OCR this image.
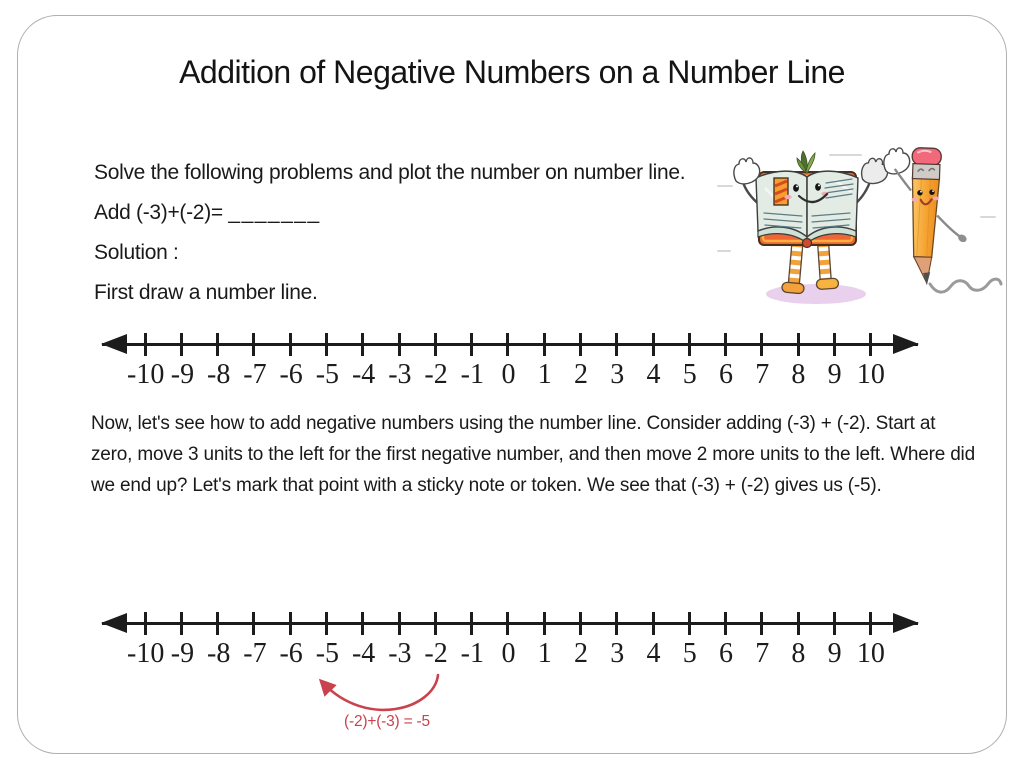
Addition of Negative Numbers on a Number Line

Solve the following problems and plot the number on number line.

Add (-3)+(-2)= _______

Solution :

First draw a number line.

-10 -9 -8 -7 -6 -5 -4 -3 -2 -1 0 1 2 3 4 5 6 7 8 9 10

Now, let's see how to add negative numbers using the number line. Consider adding (-3) + (-2). Start at zero, move 3 units to the left for the first negative number, and then move 2 more units to the left. Where did we end up? Let's mark that point with a sticky note or token. We see that (-3) + (-2) gives us (-5).

-10 -9 -8 -7 -6 -5 -4 -3 -2 -1 0 1 2 3 4 5 6 7 8 9 10
(-2)+(-3) = -5
